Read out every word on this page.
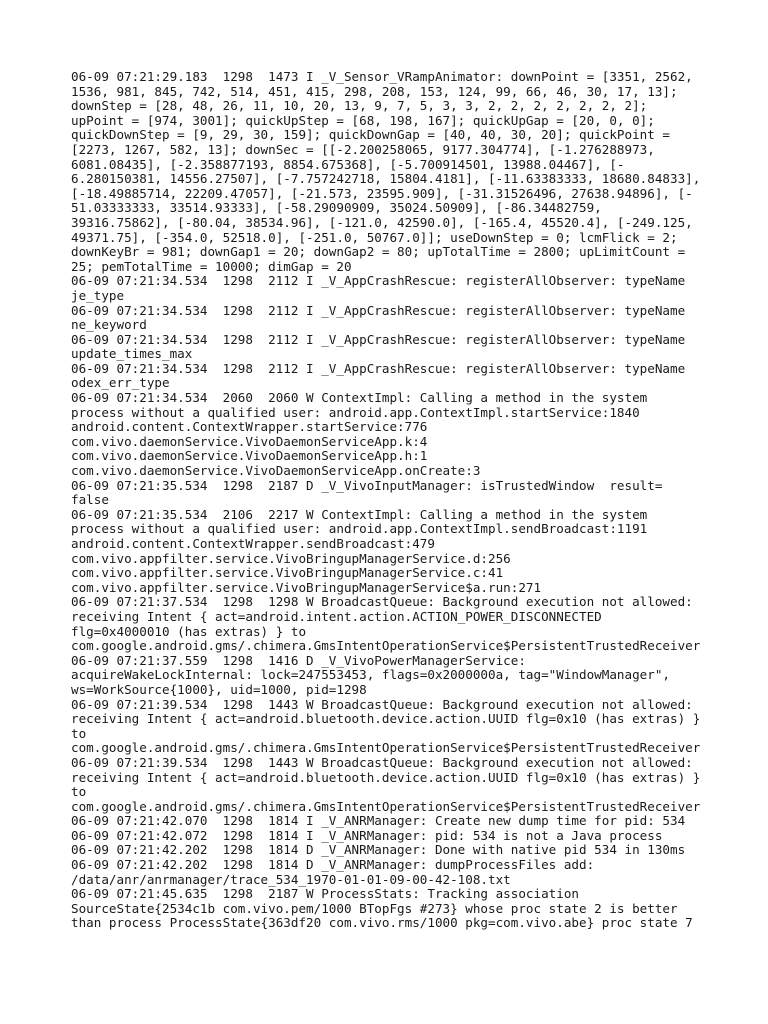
06-09 07:21:29.183  1298  1473 I _V_Sensor_VRampAnimator: downPoint = [3351, 2562,
1536, 981, 845, 742, 514, 451, 415, 298, 208, 153, 124, 99, 66, 46, 30, 17, 13];
downStep = [28, 48, 26, 11, 10, 20, 13, 9, 7, 5, 3, 3, 2, 2, 2, 2, 2, 2, 2];
upPoint = [974, 3001]; quickUpStep = [68, 198, 167]; quickUpGap = [20, 0, 0];
quickDownStep = [9, 29, 30, 159]; quickDownGap = [40, 40, 30, 20]; quickPoint =
[2273, 1267, 582, 13]; downSec = [[-2.200258065, 9177.304774], [-1.276288973,
6081.08435], [-2.358877193, 8854.675368], [-5.700914501, 13988.04467], [-
6.280150381, 14556.27507], [-7.757242718, 15804.4181], [-11.63383333, 18680.84833],
[-18.49885714, 22209.47057], [-21.573, 23595.909], [-31.31526496, 27638.94896], [-
51.03333333, 33514.93333], [-58.29090909, 35024.50909], [-86.34482759,
39316.75862], [-80.04, 38534.96], [-121.0, 42590.0], [-165.4, 45520.4], [-249.125,
49371.75], [-354.0, 52518.0], [-251.0, 50767.0]]; useDownStep = 0; lcmFlick = 2;
downKeyBr = 981; downGap1 = 20; downGap2 = 80; upTotalTime = 2800; upLimitCount =
25; pemTotalTime = 10000; dimGap = 20
06-09 07:21:34.534  1298  2112 I _V_AppCrashRescue: registerAllObserver: typeName
je_type
06-09 07:21:34.534  1298  2112 I _V_AppCrashRescue: registerAllObserver: typeName
ne_keyword
06-09 07:21:34.534  1298  2112 I _V_AppCrashRescue: registerAllObserver: typeName
update_times_max
06-09 07:21:34.534  1298  2112 I _V_AppCrashRescue: registerAllObserver: typeName
odex_err_type
06-09 07:21:34.534  2060  2060 W ContextImpl: Calling a method in the system
process without a qualified user: android.app.ContextImpl.startService:1840
android.content.ContextWrapper.startService:776
com.vivo.daemonService.VivoDaemonServiceApp.k:4
com.vivo.daemonService.VivoDaemonServiceApp.h:1
com.vivo.daemonService.VivoDaemonServiceApp.onCreate:3
06-09 07:21:35.534  1298  2187 D _V_VivoInputManager: isTrustedWindow  result=
false
06-09 07:21:35.534  2106  2217 W ContextImpl: Calling a method in the system
process without a qualified user: android.app.ContextImpl.sendBroadcast:1191
android.content.ContextWrapper.sendBroadcast:479
com.vivo.appfilter.service.VivoBringupManagerService.d:256
com.vivo.appfilter.service.VivoBringupManagerService.c:41
com.vivo.appfilter.service.VivoBringupManagerService$a.run:271
06-09 07:21:37.534  1298  1298 W BroadcastQueue: Background execution not allowed:
receiving Intent { act=android.intent.action.ACTION_POWER_DISCONNECTED
flg=0x4000010 (has extras) } to
com.google.android.gms/.chimera.GmsIntentOperationService$PersistentTrustedReceiver
06-09 07:21:37.559  1298  1416 D _V_VivoPowerManagerService:
acquireWakeLockInternal: lock=247553453, flags=0x2000000a, tag="WindowManager",
ws=WorkSource{1000}, uid=1000, pid=1298
06-09 07:21:39.534  1298  1443 W BroadcastQueue: Background execution not allowed:
receiving Intent { act=android.bluetooth.device.action.UUID flg=0x10 (has extras) }
to
com.google.android.gms/.chimera.GmsIntentOperationService$PersistentTrustedReceiver
06-09 07:21:39.534  1298  1443 W BroadcastQueue: Background execution not allowed:
receiving Intent { act=android.bluetooth.device.action.UUID flg=0x10 (has extras) }
to
com.google.android.gms/.chimera.GmsIntentOperationService$PersistentTrustedReceiver
06-09 07:21:42.070  1298  1814 I _V_ANRManager: Create new dump time for pid: 534
06-09 07:21:42.072  1298  1814 I _V_ANRManager: pid: 534 is not a Java process
06-09 07:21:42.202  1298  1814 D _V_ANRManager: Done with native pid 534 in 130ms
06-09 07:21:42.202  1298  1814 D _V_ANRManager: dumpProcessFiles add:
/data/anr/anrmanager/trace_534_1970-01-01-09-00-42-108.txt
06-09 07:21:45.635  1298  2187 W ProcessStats: Tracking association
SourceState{2534c1b com.vivo.pem/1000 BTopFgs #273} whose proc state 2 is better
than process ProcessState{363df20 com.vivo.rms/1000 pkg=com.vivo.abe} proc state 7
